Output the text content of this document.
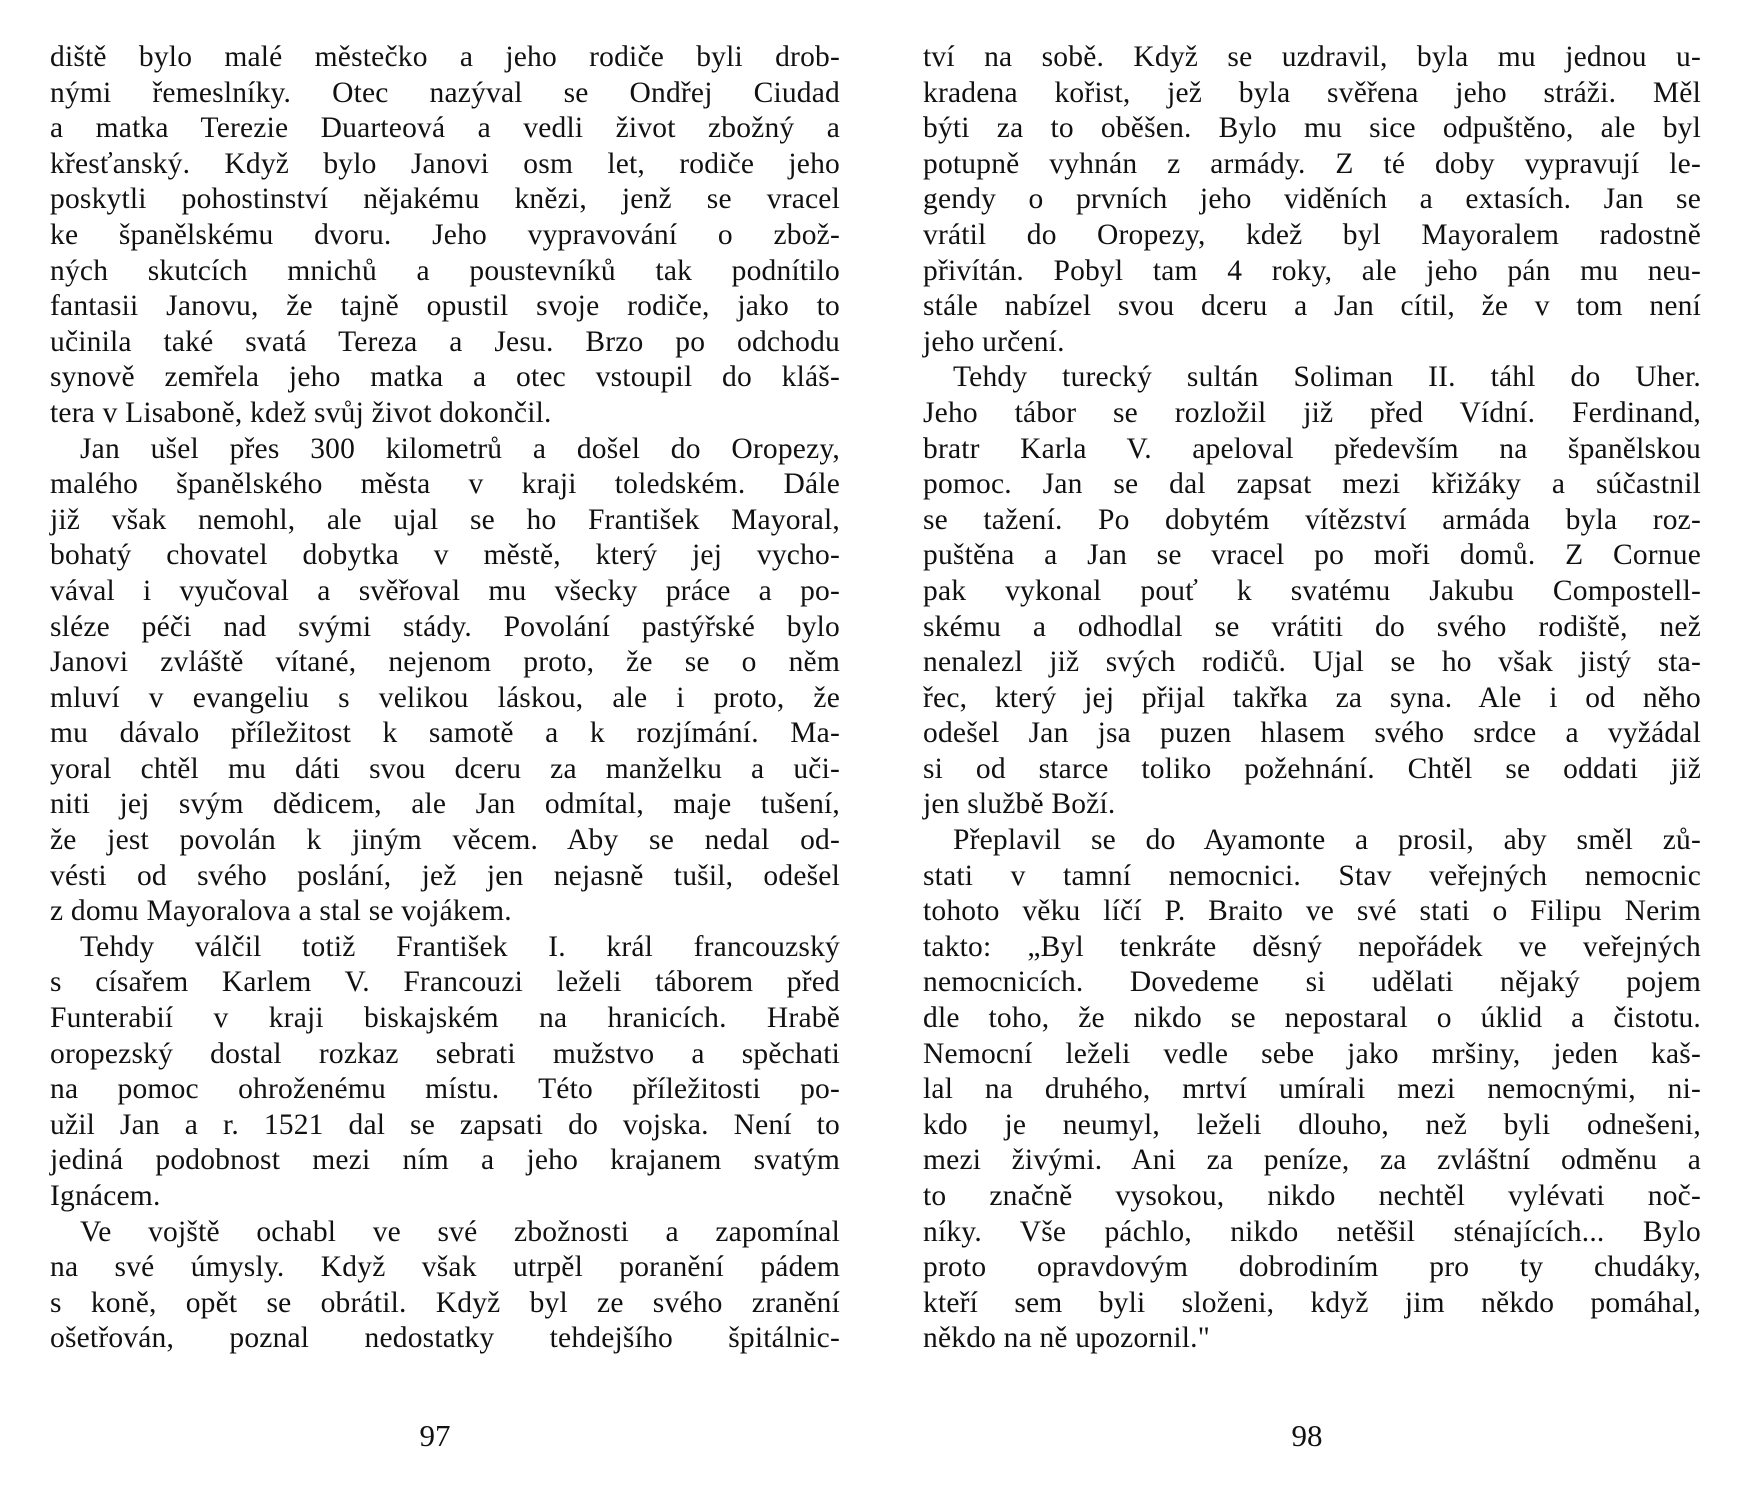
diště bylo malé městečko a jeho rodiče byli drob-
nými řemeslníky. Otec nazýval se Ondřej Ciudad
a matka Terezie Duarteová a vedli život zbožný a
křesťanský. Když bylo Janovi osm let, rodiče jeho
poskytli pohostinství nějakému knězi, jenž se vracel
ke španělskému dvoru. Jeho vypravování o zbož-
ných skutcích mnichů a poustevníků tak podnítilo
fantasii Janovu, že tajně opustil svoje rodiče, jako to
učinila také svatá Tereza a Jesu. Brzo po odchodu
synově zemřela jeho matka a otec vstoupil do kláš-
tera v Lisaboně, kdež svůj život dokončil.
Jan ušel přes 300 kilometrů a došel do Oropezy,
malého španělského města v kraji toledském. Dále
již však nemohl, ale ujal se ho František Mayoral,
bohatý chovatel dobytka v městě, který jej vycho-
vával i vyučoval a svěřoval mu všecky práce a po-
sléze péči nad svými stády. Povolání pastýřské bylo
Janovi zvláště vítané, nejenom proto, že se o něm
mluví v evangeliu s velikou láskou, ale i proto, že
mu dávalo příležitost k samotě a k rozjímání. Ma-
yoral chtěl mu dáti svou dceru za manželku a uči-
niti jej svým dědicem, ale Jan odmítal, maje tušení,
že jest povolán k jiným věcem. Aby se nedal od-
vésti od svého poslání, jež jen nejasně tušil, odešel
z domu Mayoralova a stal se vojákem.
Tehdy válčil totiž František I. král francouzský
s císařem Karlem V. Francouzi leželi táborem před
Funterabií v kraji biskajském na hranicích. Hrabě
oropezský dostal rozkaz sebrati mužstvo a spěchati
na pomoc ohroženému místu. Této příležitosti po-
užil Jan a r. 1521 dal se zapsati do vojska. Není to
jediná podobnost mezi ním a jeho krajanem svatým
Ignácem.
Ve vojště ochabl ve své zbožnosti a zapomínal
na své úmysly. Když však utrpěl poranění pádem
s koně, opět se obrátil. Když byl ze svého zranění
ošetřován, poznal nedostatky tehdejšího špitálnic-
97
tví na sobě. Když se uzdravil, byla mu jednou u-
kradena kořist, jež byla svěřena jeho stráži. Měl
býti za to oběšen. Bylo mu sice odpuštěno, ale byl
potupně vyhnán z armády. Z té doby vypravují le-
gendy o prvních jeho viděních a extasích. Jan se
vrátil do Oropezy, kdež byl Mayoralem radostně
přivítán. Pobyl tam 4 roky, ale jeho pán mu neu-
stále nabízel svou dceru a Jan cítil, že v tom není
jeho určení.
Tehdy turecký sultán Soliman II. táhl do Uher.
Jeho tábor se rozložil již před Vídní. Ferdinand,
bratr Karla V. apeloval především na španělskou
pomoc. Jan se dal zapsat mezi křižáky a súčastnil
se tažení. Po dobytém vítězství armáda byla roz-
puštěna a Jan se vracel po moři domů. Z Cornue
pak vykonal pouť k svatému Jakubu Compostell-
skému a odhodlal se vrátiti do svého rodiště, než
nenalezl již svých rodičů. Ujal se ho však jistý sta-
řec, který jej přijal takřka za syna. Ale i od něho
odešel Jan jsa puzen hlasem svého srdce a vyžádal
si od starce toliko požehnání. Chtěl se oddati již
jen službě Boží.
Přeplavil se do Ayamonte a prosil, aby směl zů-
stati v tamní nemocnici. Stav veřejných nemocnic
tohoto věku líčí P. Braito ve své stati o Filipu Nerim
takto: „Byl tenkráte děsný nepořádek ve veřejných
nemocnicích. Dovedeme si udělati nějaký pojem
dle toho, že nikdo se nepostaral o úklid a čistotu.
Nemocní leželi vedle sebe jako mršiny, jeden kaš-
lal na druhého, mrtví umírali mezi nemocnými, ni-
kdo je neumyl, leželi dlouho, než byli odnešeni,
mezi živými. Ani za peníze, za zvláštní odměnu a
to značně vysokou, nikdo nechtěl vylévati noč-
níky. Vše páchlo, nikdo netěšil sténajících... Bylo
proto opravdovým dobrodiním pro ty chudáky,
kteří sem byli složeni, když jim někdo pomáhal,
někdo na ně upozornil."
98
